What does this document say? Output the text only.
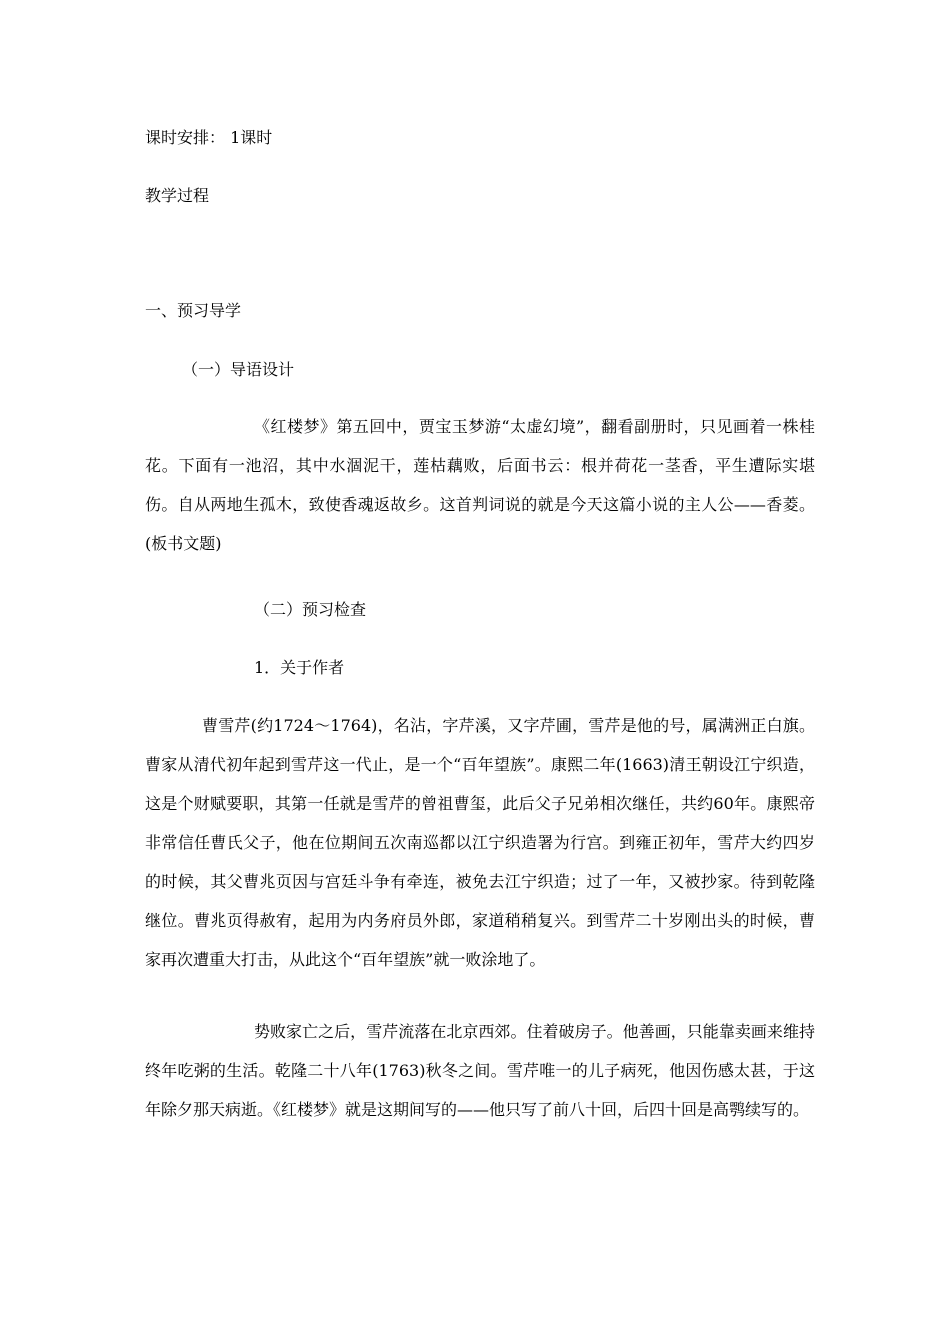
课时安排： 1课时
教学过程
一、预习导学
（一）导语设计
《红楼梦》第五回中，贾宝玉梦游“太虚幻境”，翻看副册时，只见画着一株桂花。下面有一池沼，其中水涸泥干，莲枯藕败，后面书云：根并荷花一茎香，平生遭际实堪伤。自从两地生孤木，致使香魂返故乡。这首判词说的就是今天这篇小说的主人公——香菱。(板书文题)
（二）预习检查
1．关于作者
曹雪芹(约1724～1764)，名沾，字芹溪，又字芹圃，雪芹是他的号，属满洲正白旗。曹家从清代初年起到雪芹这一代止，是一个“百年望族”。康熙二年(1663)清王朝设江宁织造，这是个财赋要职，其第一任就是雪芹的曾祖曹玺，此后父子兄弟相次继任，共约60年。康熙帝非常信任曹氏父子，他在位期间五次南巡都以江宁织造署为行宫。到雍正初年，雪芹大约四岁的时候，其父曹兆页因与宫廷斗争有牵连，被免去江宁织造；过了一年，又被抄家。待到乾隆继位。曹兆页得赦宥，起用为内务府员外郎，家道稍稍复兴。到雪芹二十岁刚出头的时候，曹家再次遭重大打击，从此这个“百年望族”就一败涂地了。
势败家亡之后，雪芹流落在北京西郊。住着破房子。他善画，只能靠卖画来维持终年吃粥的生活。乾隆二十八年(1763)秋冬之间。雪芹唯一的儿子病死，他因伤感太甚，于这年除夕那天病逝。《红楼梦》就是这期间写的——他只写了前八十回，后四十回是高鹗续写的。
